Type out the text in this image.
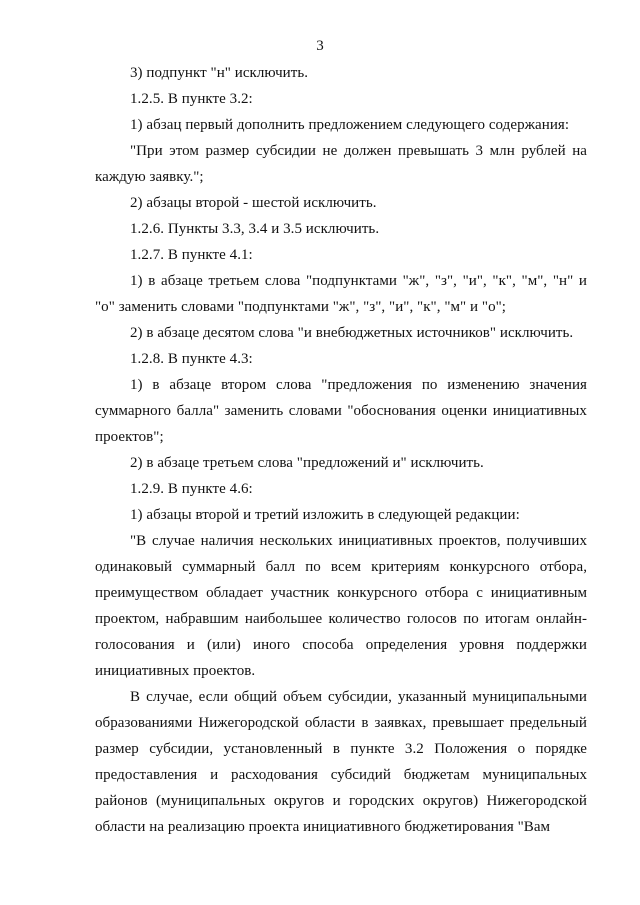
3

3) подпункт "н" исключить.

1.2.5. В пункте 3.2:

1) абзац первый дополнить предложением следующего содержания:

"При этом размер субсидии не должен превышать 3 млн рублей на каждую заявку.";

2) абзацы второй - шестой исключить.

1.2.6. Пункты 3.3, 3.4 и 3.5 исключить.

1.2.7. В пункте 4.1:

1) в абзаце третьем слова "подпунктами "ж", "з", "и", "к", "м", "н" и "о" заменить словами "подпунктами "ж", "з", "и", "к", "м" и "о";

2) в абзаце десятом слова "и внебюджетных источников" исключить.

1.2.8. В пункте 4.3:

1) в абзаце втором слова "предложения по изменению значения суммарного балла" заменить словами "обоснования оценки инициативных проектов";

2) в абзаце третьем слова "предложений и" исключить.

1.2.9. В пункте 4.6:

1) абзацы второй и третий изложить в следующей редакции:

"В случае наличия нескольких инициативных проектов, получивших одинаковый суммарный балл по всем критериям конкурсного отбора, преимуществом обладает участник конкурсного отбора с инициативным проектом, набравшим наибольшее количество голосов по итогам онлайн-голосования и (или) иного способа определения уровня поддержки инициативных проектов.

В случае, если общий объем субсидии, указанный муниципальными образованиями Нижегородской области в заявках, превышает предельный размер субсидии, установленный в пункте 3.2 Положения о порядке предоставления и расходования субсидий бюджетам муниципальных районов (муниципальных округов и городских округов) Нижегородской области на реализацию проекта инициативного бюджетирования "Вам
